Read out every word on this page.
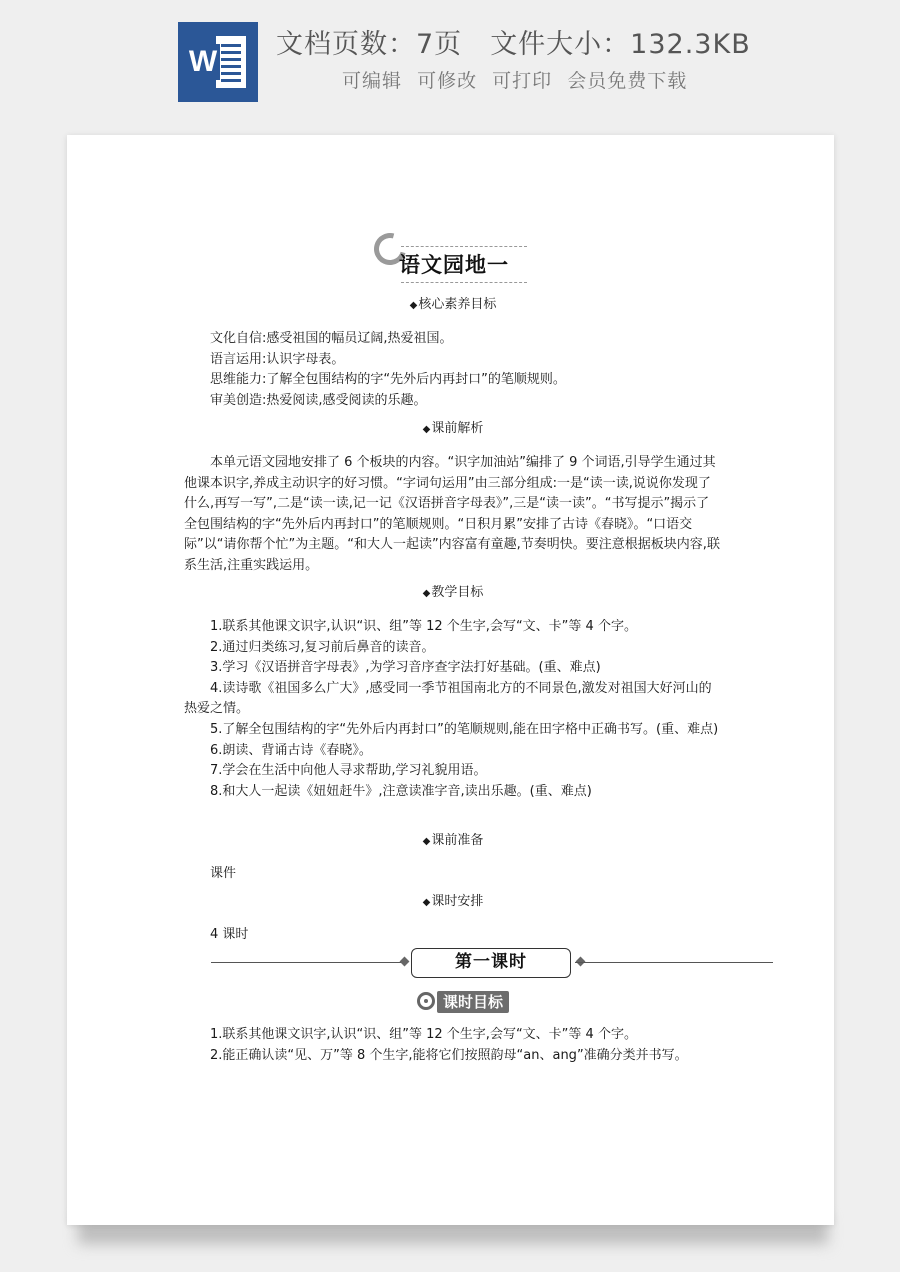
W
文档页数：7页 文件大小：132.3KB
可编辑 可修改 可打印 会员免费下载
语文园地一

◆核心素养目标

文化自信:感受祖国的幅员辽阔,热爱祖国。

语言运用:认识字母表。

思维能力:了解全包围结构的字“先外后内再封口”的笔顺规则。

审美创造:热爱阅读,感受阅读的乐趣。

◆课前解析

本单元语文园地安排了 6 个板块的内容。“识字加油站”编排了 9 个词语,引导学生通过其他课本识字,养成主动识字的好习惯。“字词句运用”由三部分组成:一是“读一读,说说你发现了什么,再写一写”,二是“读一读,记一记《汉语拼音字母表》”,三是“读一读”。“书写提示”揭示了全包围结构的字“先外后内再封口”的笔顺规则。“日积月累”安排了古诗《春晓》。“口语交际”以“请你帮个忙”为主题。“和大人一起读”内容富有童趣,节奏明快。要注意根据板块内容,联系生活,注重实践运用。

◆教学目标

1.联系其他课文识字,认识“识、组”等 12 个生字,会写“文、卡”等 4 个字。

2.通过归类练习,复习前后鼻音的读音。

3.学习《汉语拼音字母表》,为学习音序查字法打好基础。(重、难点)

4.读诗歌《祖国多么广大》,感受同一季节祖国南北方的不同景色,激发对祖国大好河山的热爱之情。

5.了解全包围结构的字“先外后内再封口”的笔顺规则,能在田字格中正确书写。(重、难点)

6.朗读、背诵古诗《春晓》。

7.学会在生活中向他人寻求帮助,学习礼貌用语。

8.和大人一起读《妞妞赶牛》,注意读准字音,读出乐趣。(重、难点)

◆课前准备

课件

◆课时安排

4 课时

第一课时
课时目标

1.联系其他课文识字,认识“识、组”等 12 个生字,会写“文、卡”等 4 个字。

2.能正确认读“见、万”等 8 个生字,能将它们按照韵母“an、ang”准确分类并书写。
